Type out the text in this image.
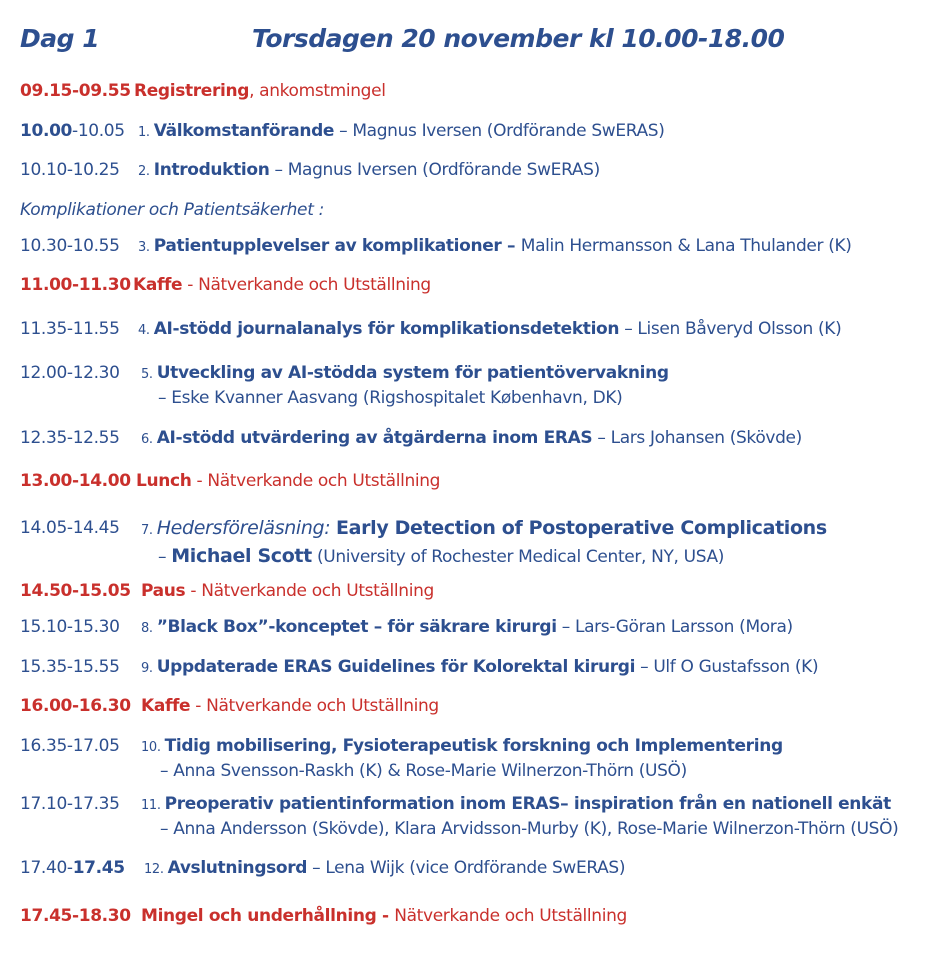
Dag 1	Torsdagen 20 november kl 10.00-18.00
09.15-09.55 Registrering, ankomstmingel
10.00-10.05 1. Välkomstanförande – Magnus Iversen (Ordförande SwERAS)
10.10-10.25 2. Introduktion – Magnus Iversen (Ordförande SwERAS)
Komplikationer och Patientsäkerhet :
10.30-10.55 3. Patientupplevelser av komplikationer – Malin Hermansson & Lana Thulander (K)
11.00-11.30 Kaffe - Nätverkande och Utställning
11.35-11.55 4. AI-stödd journalanalys för komplikationsdetektion – Lisen Båveryd Olsson (K)
12.00-12.30 5. Utveckling av AI-stödda system för patientövervakning
– Eske Kvanner Aasvang (Rigshospitalet København, DK)
12.35-12.55 6. AI-stödd utvärdering av åtgärderna inom ERAS – Lars Johansen (Skövde)
13.00-14.00 Lunch - Nätverkande och Utställning
14.05-14.45 7. Hedersföreläsning: Early Detection of Postoperative Complications
– Michael Scott (University of Rochester Medical Center, NY, USA)
14.50-15.05 Paus - Nätverkande och Utställning
15.10-15.30 8. ”Black Box”-konceptet – för säkrare kirurgi – Lars-Göran Larsson (Mora)
15.35-15.55 9. Uppdaterade ERAS Guidelines för Kolorektal kirurgi – Ulf O Gustafsson (K)
16.00-16.30 Kaffe - Nätverkande och Utställning
16.35-17.05 10. Tidig mobilisering, Fysioterapeutisk forskning och Implementering
– Anna Svensson-Raskh (K) & Rose-Marie Wilnerzon-Thörn (USÖ)
17.10-17.35 11. Preoperativ patientinformation inom ERAS– inspiration från en nationell enkät
– Anna Andersson (Skövde), Klara Arvidsson-Murby (K), Rose-Marie Wilnerzon-Thörn (USÖ)
17.40-17.45 12. Avslutningsord – Lena Wijk (vice Ordförande SwERAS)
17.45-18.30 Mingel och underhållning - Nätverkande och Utställning
